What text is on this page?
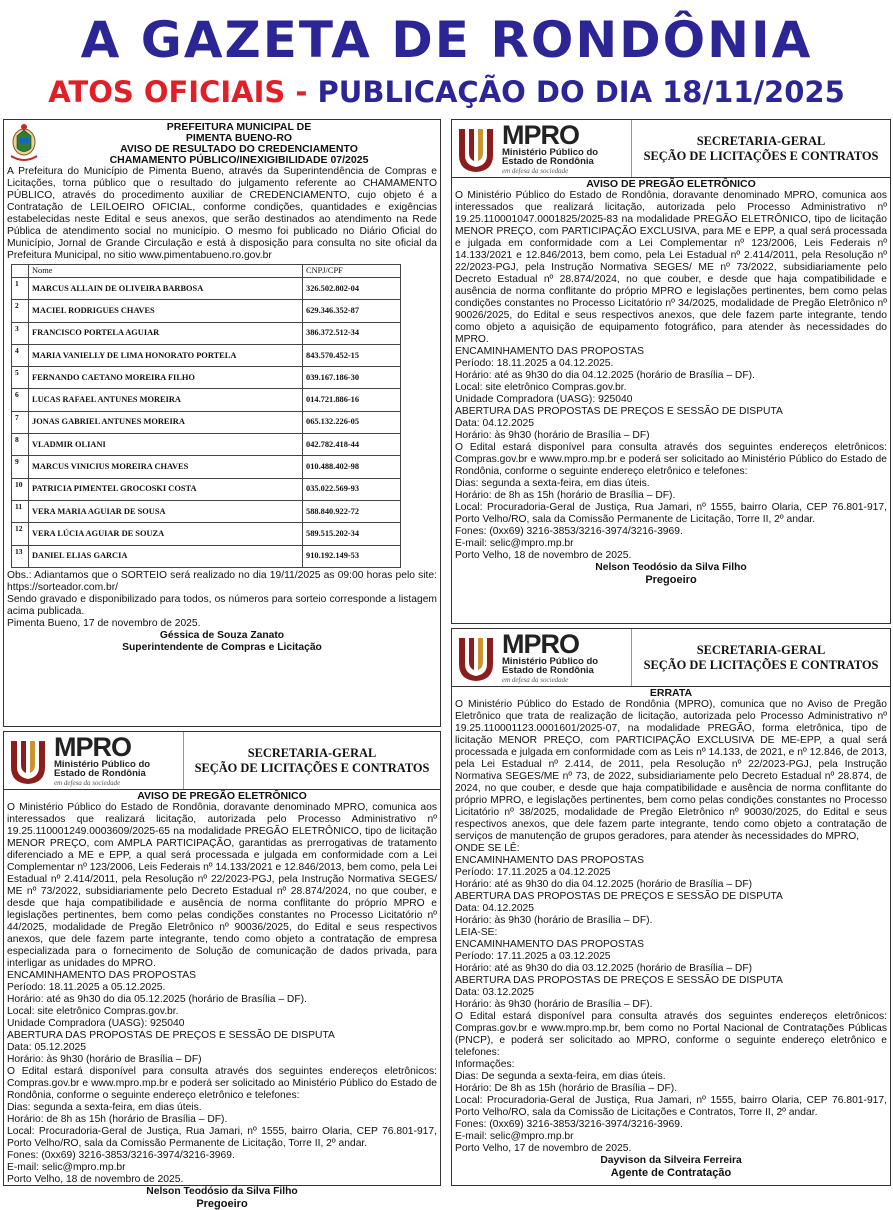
A GAZETA DE RONDÔNIA
ATOS OFICIAIS - PUBLICAÇÃO DO DIA 18/11/2025
PREFEITURA MUNICIPAL DE
PIMENTA BUENO-RO
AVISO DE RESULTADO DO CREDENCIAMENTO
CHAMAMENTO PÚBLICO/INEXIGIBILIDADE 07/2025

A Prefeitura do Município de Pimenta Bueno, através da Superintendência de Compras e Licitações, torna público que o resultado do julgamento referente ao CHAMAMENTO PÚBLICO, através do procedimento auxiliar de CREDENCIAMENTO, cujo objeto é a Contratação de LEILOEIRO OFICIAL, conforme condições, quantidades e exigências estabelecidas neste Edital e seus anexos, que serão destinados ao atendimento na Rede Pública de atendimento social no município. O mesmo foi publicado no Diário Oficial do Município, Jornal de Grande Circulação e está à disposição para consulta no site oficial da Prefeitura Municipal, no sitio www.pimentabueno.ro.gov.br

	Nome	CNPJ/CPF
1	MARCUS ALLAIN DE OLIVEIRA BARBOSA	326.502.802-04
2	MACIEL RODRIGUES CHAVES	629.346.352-87
3	FRANCISCO PORTELA AGUIAR	386.372.512-34
4	MARIA VANIELLY DE LIMA HONORATO PORTELA	843.570.452-15
5	FERNANDO CAETANO MOREIRA FILHO	039.167.186-30
6	LUCAS RAFAEL ANTUNES MOREIRA	014.721.886-16
7	JONAS GABRIEL ANTUNES MOREIRA	065.132.226-05
8	VLADMIR OLIANI	042.782.418-44
9	MARCUS VINICIUS MOREIRA CHAVES	010.488.402-98
10	PATRICIA PIMENTEL GROCOSKI COSTA	035.022.569-93
11	VERA MARIA AGUIAR DE SOUSA	588.840.922-72
12	VERA LÚCIA AGUIAR DE SOUZA	589.515.202-34
13	DANIEL ELIAS GARCIA	910.192.149-53

Obs.: Adiantamos que o SORTEIO será realizado no dia 19/11/2025 as 09:00 horas pelo site: https://sorteador.com.br/

Sendo gravado e disponibilizado para todos, os números para sorteio corresponde a listagem acima publicada.

Pimenta Bueno, 17 de novembro de 2025.

Géssica de Souza Zanato
Superintendente de Compras e Licitação
MPRO
Ministério Público do
Estado de Rondônia
em defesa da sociedade
SECRETARIA-GERAL
SEÇÃO DE LICITAÇÕES E CONTRATOS
AVISO DE PREGÃO ELETRÔNICO

O Ministério Público do Estado de Rondônia, doravante denominado MPRO, comunica aos interessados que realizará licitação, autorizada pelo Processo Administrativo nº 19.25.110001249.0003609/2025-65 na modalidade PREGÃO ELETRÔNICO, tipo de licitação MENOR PREÇO, com AMPLA PARTICIPAÇÃO, garantidas as prerrogativas de tratamento diferenciado a ME e EPP, a qual será processada e julgada em conformidade com a Lei Complementar nº 123/2006, Leis Federais nº 14.133/2021 e 12.846/2013, bem como, pela Lei Estadual nº 2.414/2011, pela Resolução nº 22/2023-PGJ, pela Instrução Normativa SEGES/ ME nº 73/2022, subsidiariamente pelo Decreto Estadual nº 28.874/2024, no que couber, e desde que haja compatibilidade e ausência de norma conflitante do próprio MPRO e legislações pertinentes, bem como pelas condições constantes no Processo Licitatório nº 44/2025, modalidade de Pregão Eletrônico nº 90036/2025, do Edital e seus respectivos anexos, que dele fazem parte integrante, tendo como objeto a contratação de empresa especializada para o fornecimento de Solução de comunicação de dados privada, para interligar as unidades do MPRO.

ENCAMINHAMENTO DAS PROPOSTAS
Período: 18.11.2025 a 05.12.2025.
Horário: até as 9h30 do dia 05.12.2025 (horário de Brasília – DF).
Local: site eletrônico Compras.gov.br.
Unidade Compradora (UASG): 925040
ABERTURA DAS PROPOSTAS DE PREÇOS E SESSÃO DE DISPUTA
Data: 05.12.2025
Horário: às 9h30 (horário de Brasília – DF)

O Edital estará disponível para consulta através dos seguintes endereços eletrônicos: Compras.gov.br e www.mpro.mp.br e poderá ser solicitado ao Ministério Público do Estado de Rondônia, conforme o seguinte endereço eletrônico e telefones:

Dias: segunda a sexta-feira, em dias úteis.
Horário: de 8h as 15h (horário de Brasília – DF).

Local: Procuradoria-Geral de Justiça, Rua Jamari, nº 1555, bairro Olaria, CEP 76.801-917, Porto Velho/RO, sala da Comissão Permanente de Licitação, Torre II, 2º andar.

Fones: (0xx69) 3216-3853/3216-3974/3216-3969.
E-mail: selic@mpro.mp.br
Porto Velho, 18 de novembro de 2025.
Nelson Teodósio da Silva Filho
Pregoeiro
MPRO
Ministério Público do
Estado de Rondônia
em defesa da sociedade
SECRETARIA-GERAL
SEÇÃO DE LICITAÇÕES E CONTRATOS
AVISO DE PREGÃO ELETRÔNICO

O Ministério Público do Estado de Rondônia, doravante denominado MPRO, comunica aos interessados que realizará licitação, autorizada pelo Processo Administrativo nº 19.25.110001047.0001825/2025-83 na modalidade PREGÃO ELETRÔNICO, tipo de licitação MENOR PREÇO, com PARTICIPAÇÃO EXCLUSIVA, para ME e EPP, a qual será processada e julgada em conformidade com a Lei Complementar nº 123/2006, Leis Federais nº 14.133/2021 e 12.846/2013, bem como, pela Lei Estadual nº 2.414/2011, pela Resolução nº 22/2023-PGJ, pela Instrução Normativa SEGES/ ME nº 73/2022, subsidiariamente pelo Decreto Estadual nº 28.874/2024, no que couber, e desde que haja compatibilidade e ausência de norma conflitante do próprio MPRO e legislações pertinentes, bem como pelas condições constantes no Processo Licitatório nº 34/2025, modalidade de Pregão Eletrônico nº 90026/2025, do Edital e seus respectivos anexos, que dele fazem parte integrante, tendo como objeto a aquisição de equipamento fotográfico, para atender às necessidades do MPRO.

ENCAMINHAMENTO DAS PROPOSTAS
Período: 18.11.2025 a 04.12.2025.
Horário: até as 9h30 do dia 04.12.2025 (horário de Brasília – DF).
Local: site eletrônico Compras.gov.br.
Unidade Compradora (UASG): 925040
ABERTURA DAS PROPOSTAS DE PREÇOS E SESSÃO DE DISPUTA
Data: 04.12.2025
Horário: às 9h30 (horário de Brasília – DF)

O Edital estará disponível para consulta através dos seguintes endereços eletrônicos: Compras.gov.br e www.mpro.mp.br e poderá ser solicitado ao Ministério Público do Estado de Rondônia, conforme o seguinte endereço eletrônico e telefones:

Dias: segunda a sexta-feira, em dias úteis.
Horário: de 8h as 15h (horário de Brasília – DF).

Local: Procuradoria-Geral de Justiça, Rua Jamari, nº 1555, bairro Olaria, CEP 76.801-917, Porto Velho/RO, sala da Comissão Permanente de Licitação, Torre II, 2º andar.

Fones: (0xx69) 3216-3853/3216-3974/3216-3969.
E-mail: selic@mpro.mp.br
Porto Velho, 18 de novembro de 2025.
Nelson Teodósio da Silva Filho
Pregoeiro
MPRO
Ministério Público do
Estado de Rondônia
em defesa da sociedade
SECRETARIA-GERAL
SEÇÃO DE LICITAÇÕES E CONTRATOS
ERRATA

O Ministério Público do Estado de Rondônia (MPRO), comunica que no Aviso de Pregão Eletrônico que trata de realização de licitação, autorizada pelo Processo Administrativo nº 19.25.110001123.0001601/2025-07, na modalidade PREGÃO, forma eletrônica, tipo de licitação MENOR PREÇO, com PARTICIPAÇÃO EXCLUSIVA DE ME-EPP, a qual será processada e julgada em conformidade com as Leis nº 14.133, de 2021, e nº 12.846, de 2013, pela Lei Estadual nº 2.414, de 2011, pela Resolução nº 22/2023-PGJ, pela Instrução Normativa SEGES/ME nº 73, de 2022, subsidiariamente pelo Decreto Estadual nº 28.874, de 2024, no que couber, e desde que haja compatibilidade e ausência de norma conflitante do próprio MPRO, e legislações pertinentes, bem como pelas condições constantes no Processo Licitatório nº 38/2025, modalidade de Pregão Eletrônico nº 90030/2025, do Edital e seus respectivos anexos, que dele fazem parte integrante, tendo como objeto a contratação de serviços de manutenção de grupos geradores, para atender às necessidades do MPRO,

ONDE SE LÊ:
ENCAMINHAMENTO DAS PROPOSTAS
Período: 17.11.2025 a 04.12.2025
Horário: até as 9h30 do dia 04.12.2025 (horário de Brasília – DF)
ABERTURA DAS PROPOSTAS DE PREÇOS E SESSÃO DE DISPUTA
Data: 04.12.2025
Horário: às 9h30 (horário de Brasília – DF).
LEIA-SE:
ENCAMINHAMENTO DAS PROPOSTAS
Período: 17.11.2025 a 03.12.2025
Horário: até as 9h30 do dia 03.12.2025 (horário de Brasília – DF)
ABERTURA DAS PROPOSTAS DE PREÇOS E SESSÃO DE DISPUTA
Data: 03.12.2025
Horário: às 9h30 (horário de Brasília – DF).

O Edital estará disponível para consulta através dos seguintes endereços eletrônicos: Compras.gov.br e www.mpro.mp.br, bem como no Portal Nacional de Contratações Públicas (PNCP), e poderá ser solicitado ao MPRO, conforme o seguinte endereço eletrônico e telefones:

Informações:
Dias: De segunda a sexta-feira, em dias úteis.
Horário: De 8h as 15h (horário de Brasília – DF).

Local: Procuradoria-Geral de Justiça, Rua Jamari, nº 1555, bairro Olaria, CEP 76.801-917, Porto Velho/RO, sala da Comissão de Licitações e Contratos, Torre II, 2º andar.

Fones: (0xx69) 3216-3853/3216-3974/3216-3969.
E-mail: selic@mpro.mp.br
Porto Velho, 17 de novembro de 2025.
Dayvison da Silveira Ferreira
Agente de Contratação
